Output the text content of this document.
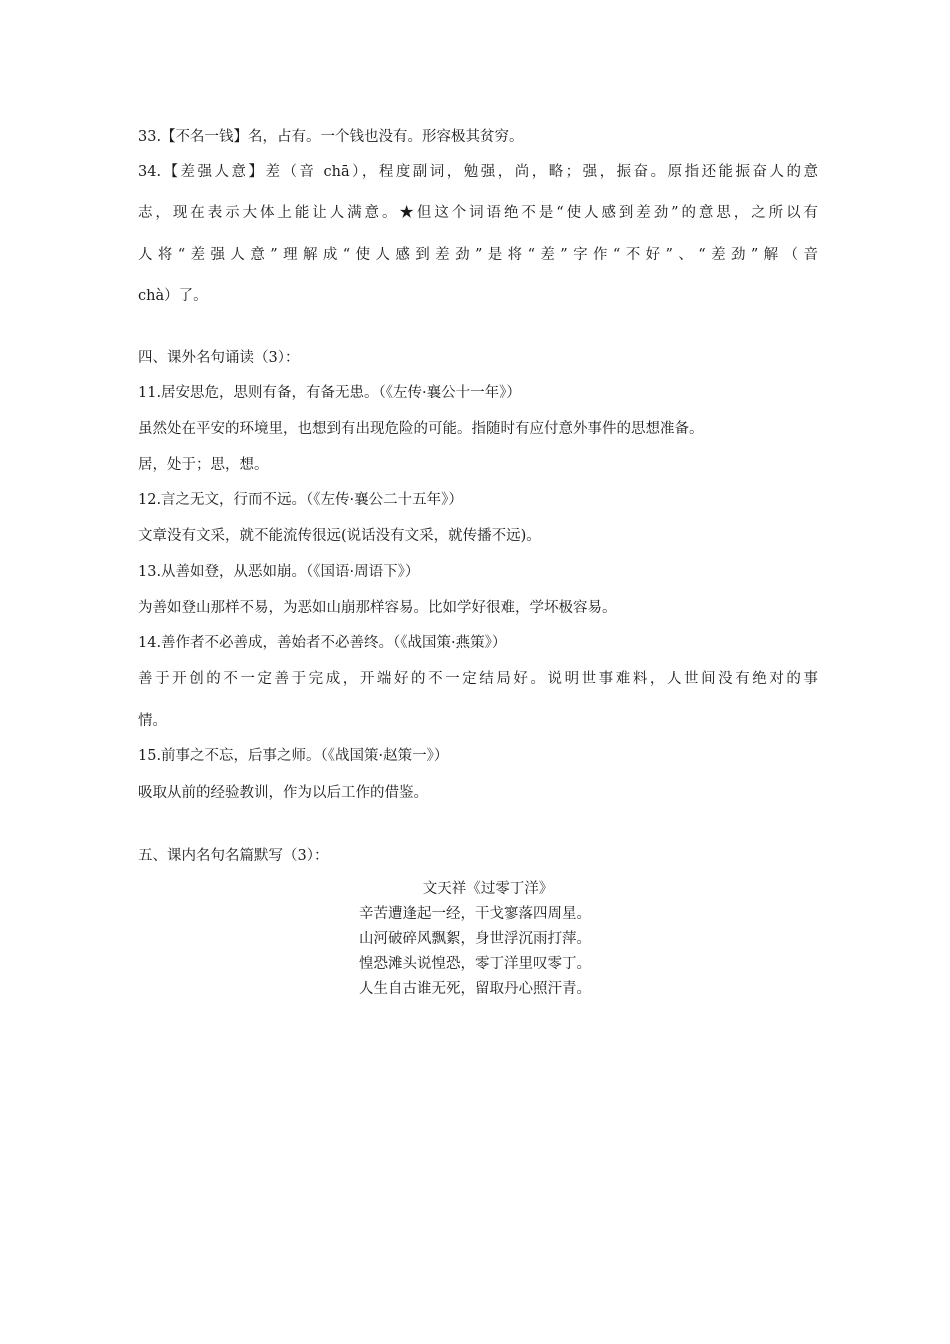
33.【不名一钱】名，占有。一个钱也没有。形容极其贫穷。
34.【差强人意】差（音 chā），程度副词，勉强，尚，略；强，振奋。原指还能振奋人的意
志，现在表示大体上能让人满意。★但这个词语绝不是“使人感到差劲”的意思，之所以有
人将“差强人意”理解成“使人感到差劲”是将“差”字作“不好”、“差劲”解（音
chà）了。
四、课外名句诵读（3）：
11.居安思危，思则有备，有备无患。（《左传·襄公十一年》）
虽然处在平安的环境里，也想到有出现危险的可能。指随时有应付意外事件的思想准备。
居，处于；思，想。
12.言之无文，行而不远。（《左传·襄公二十五年》）
文章没有文采，就不能流传很远(说话没有文采，就传播不远)。
13.从善如登，从恶如崩。（《国语·周语下》）
为善如登山那样不易，为恶如山崩那样容易。比如学好很难，学坏极容易。
14.善作者不必善成，善始者不必善终。（《战国策·燕策》）
善于开创的不一定善于完成，开端好的不一定结局好。说明世事难料，人世间没有绝对的事
情。
15.前事之不忘，后事之师。（《战国策·赵策一》）
吸取从前的经验教训，作为以后工作的借鉴。
五、课内名句名篇默写（3）：
文天祥《过零丁洋》
辛苦遭逢起一经，干戈寥落四周星。
山河破碎风飘絮，身世浮沉雨打萍。
惶恐滩头说惶恐，零丁洋里叹零丁。
人生自古谁无死，留取丹心照汗青。
